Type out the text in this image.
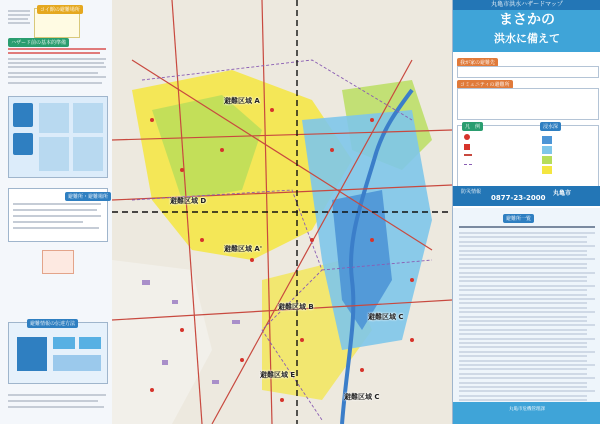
コイ館の避難場所
ハザード前の基本的準備
避難所・避難場所
避難情報の伝達方法
避難区域 A
避難区域 D
避難区域 A'
避難区域 B
避難区域 C
避難区域 C
避難区域 E
丸亀市洪水ハザードマップ
まさかの
洪水に備えて
我が家の避難先
コミュニティの避難所
凡　例	浸水深
防災情報
0877-23-2000
丸亀市
避難所一覧
丸亀市危機管理課
